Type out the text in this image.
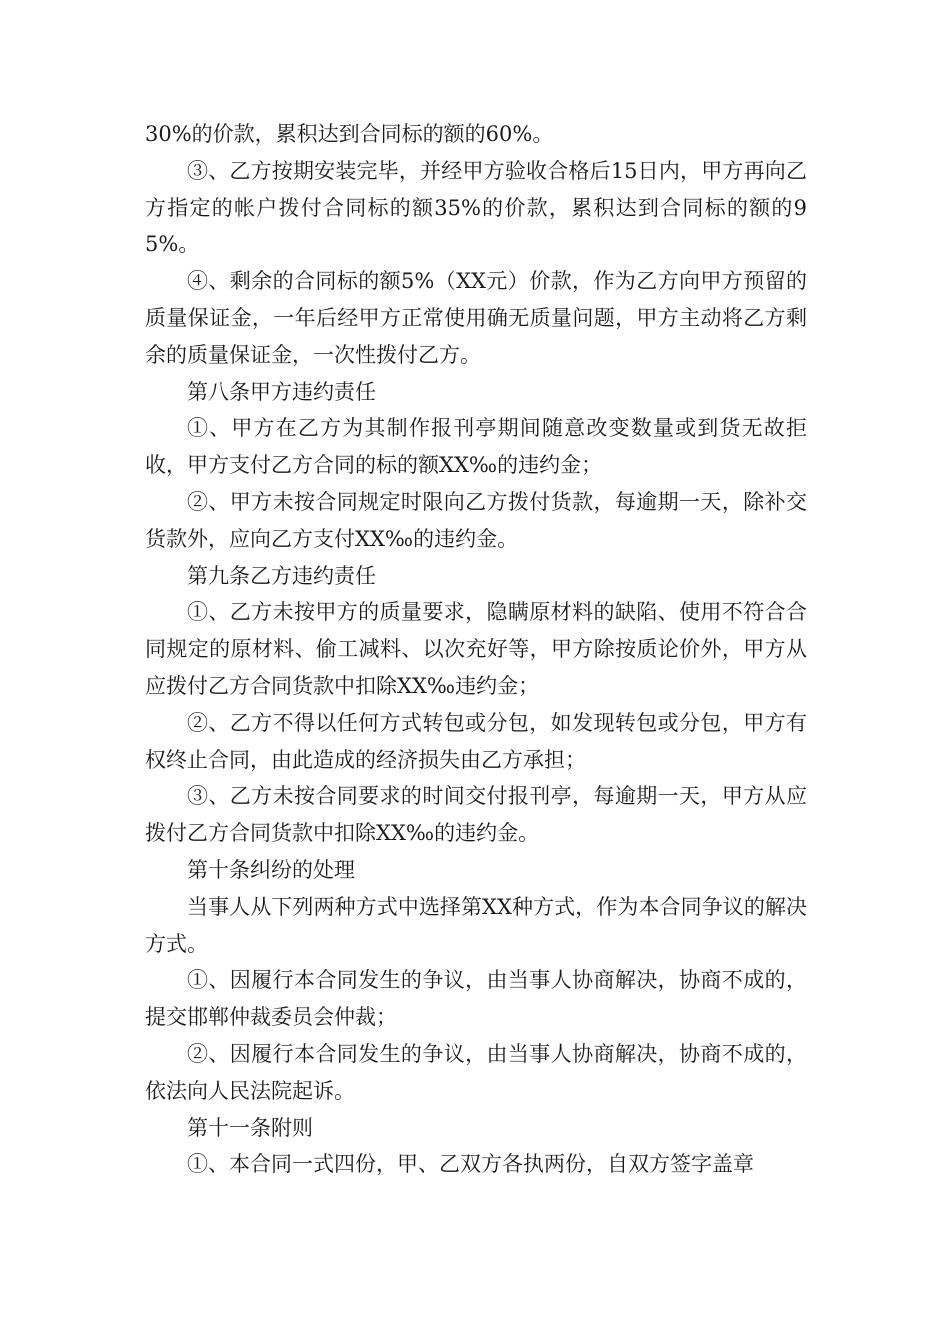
30%的价款，累积达到合同标的额的60%。

③、乙方按期安装完毕，并经甲方验收合格后15日内，甲方再向乙方指定的帐户拨付合同标的额35%的价款，累积达到合同标的额的95%。

④、剩余的合同标的额5%（XX元）价款，作为乙方向甲方预留的质量保证金，一年后经甲方正常使用确无质量问题，甲方主动将乙方剩余的质量保证金，一次性拨付乙方。

第八条甲方违约责任

①、甲方在乙方为其制作报刊亭期间随意改变数量或到货无故拒收，甲方支付乙方合同的标的额XX‰的违约金；

②、甲方未按合同规定时限向乙方拨付货款，每逾期一天，除补交货款外，应向乙方支付XX‰的违约金。

第九条乙方违约责任

①、乙方未按甲方的质量要求，隐瞒原材料的缺陷、使用不符合合同规定的原材料、偷工减料、以次充好等，甲方除按质论价外，甲方从应拨付乙方合同货款中扣除XX‰违约金；

②、乙方不得以任何方式转包或分包，如发现转包或分包，甲方有权终止合同，由此造成的经济损失由乙方承担；

③、乙方未按合同要求的时间交付报刊亭，每逾期一天，甲方从应拨付乙方合同货款中扣除XX‰的违约金。

第十条纠纷的处理

当事人从下列两种方式中选择第XX种方式，作为本合同争议的解决方式。

①、因履行本合同发生的争议，由当事人协商解决，协商不成的，提交邯郸仲裁委员会仲裁；

②、因履行本合同发生的争议，由当事人协商解决，协商不成的，依法向人民法院起诉。

第十一条附则

①、本合同一式四份，甲、乙双方各执两份，自双方签字盖章
